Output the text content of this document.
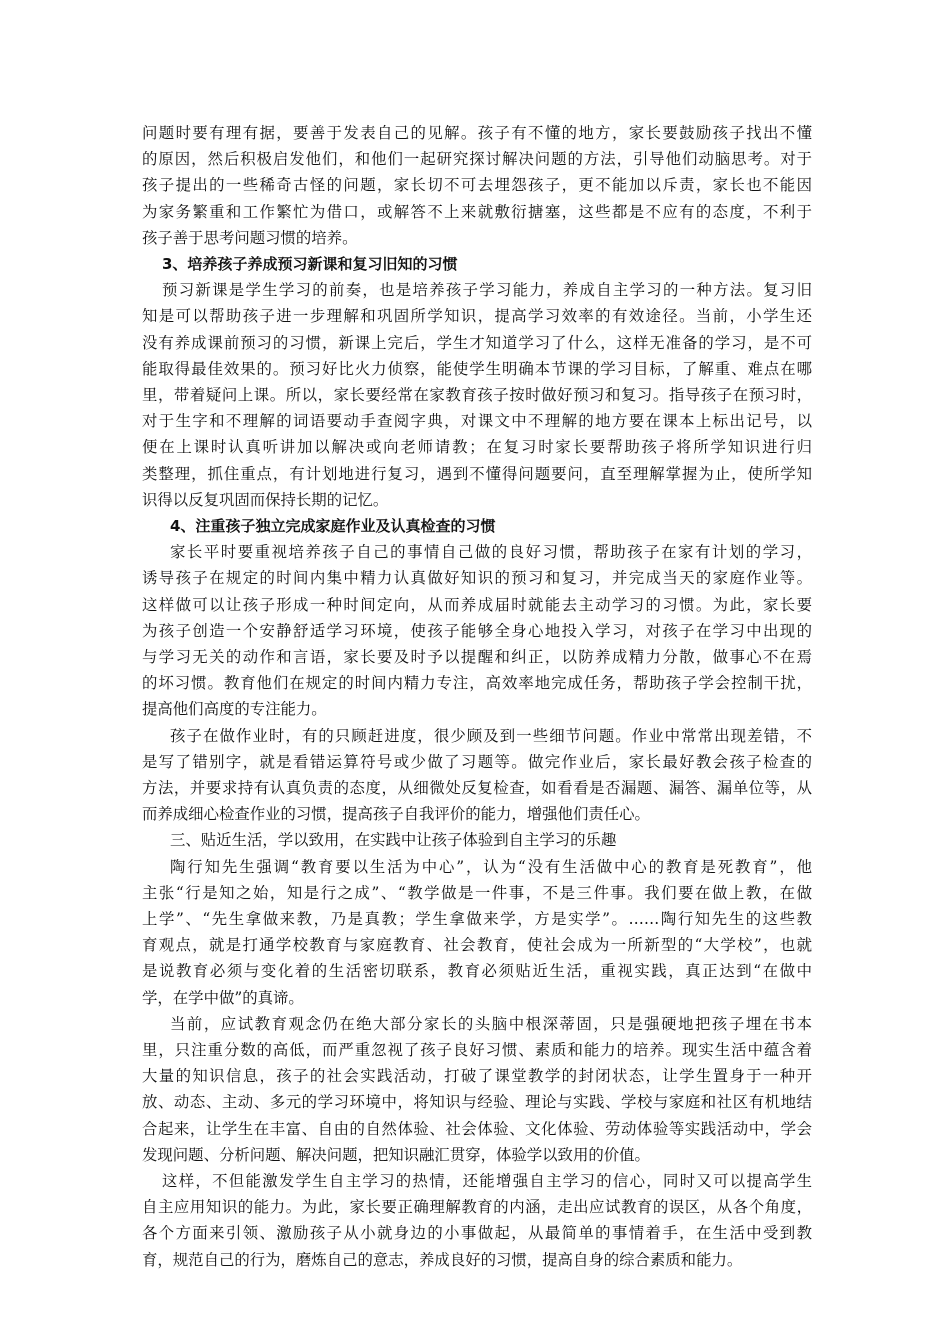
问题时要有理有据，要善于发表自己的见解。孩子有不懂的地方，家长要鼓励孩子找出不懂
的原因，然后积极启发他们，和他们一起研究探讨解决问题的方法，引导他们动脑思考。对于
孩子提出的一些稀奇古怪的问题，家长切不可去埋怨孩子，更不能加以斥责，家长也不能因
为家务繁重和工作繁忙为借口，或解答不上来就敷衍搪塞，这些都是不应有的态度，不利于
孩子善于思考问题习惯的培养。
3、培养孩子养成预习新课和复习旧知的习惯
预习新课是学生学习的前奏，也是培养孩子学习能力，养成自主学习的一种方法。复习旧
知是可以帮助孩子进一步理解和巩固所学知识，提高学习效率的有效途径。当前，小学生还
没有养成课前预习的习惯，新课上完后，学生才知道学习了什么，这样无准备的学习，是不可
能取得最佳效果的。预习好比火力侦察，能使学生明确本节课的学习目标，了解重、难点在哪
里，带着疑问上课。所以，家长要经常在家教育孩子按时做好预习和复习。指导孩子在预习时，
对于生字和不理解的词语要动手查阅字典，对课文中不理解的地方要在课本上标出记号，以
便在上课时认真听讲加以解决或向老师请教；在复习时家长要帮助孩子将所学知识进行归
类整理，抓住重点，有计划地进行复习，遇到不懂得问题要问，直至理解掌握为止，使所学知
识得以反复巩固而保持长期的记忆。
4、注重孩子独立完成家庭作业及认真检查的习惯
家长平时要重视培养孩子自己的事情自己做的良好习惯，帮助孩子在家有计划的学习，
诱导孩子在规定的时间内集中精力认真做好知识的预习和复习，并完成当天的家庭作业等。
这样做可以让孩子形成一种时间定向，从而养成届时就能去主动学习的习惯。为此，家长要
为孩子创造一个安静舒适学习环境，使孩子能够全身心地投入学习，对孩子在学习中出现的
与学习无关的动作和言语，家长要及时予以提醒和纠正，以防养成精力分散，做事心不在焉
的坏习惯。教育他们在规定的时间内精力专注，高效率地完成任务，帮助孩子学会控制干扰，
提高他们高度的专注能力。
孩子在做作业时，有的只顾赶进度，很少顾及到一些细节问题。作业中常常出现差错，不
是写了错别字，就是看错运算符号或少做了习题等。做完作业后，家长最好教会孩子检查的
方法，并要求持有认真负责的态度，从细微处反复检查，如看看是否漏题、漏答、漏单位等，从
而养成细心检查作业的习惯，提高孩子自我评价的能力，增强他们责任心。
三、贴近生活，学以致用，在实践中让孩子体验到自主学习的乐趣
陶行知先生强调“教育要以生活为中心”，认为“没有生活做中心的教育是死教育”，他
主张“行是知之始，知是行之成”、“教学做是一件事，不是三件事。我们要在做上教，在做
上学”、“先生拿做来教，乃是真教；学生拿做来学，方是实学”。……陶行知先生的这些教
育观点，就是打通学校教育与家庭教育、社会教育，使社会成为一所新型的“大学校”，也就
是说教育必须与变化着的生活密切联系，教育必须贴近生活，重视实践，真正达到“在做中
学，在学中做”的真谛。
当前，应试教育观念仍在绝大部分家长的头脑中根深蒂固，只是强硬地把孩子埋在书本
里，只注重分数的高低，而严重忽视了孩子良好习惯、素质和能力的培养。现实生活中蕴含着
大量的知识信息，孩子的社会实践活动，打破了课堂教学的封闭状态，让学生置身于一种开
放、动态、主动、多元的学习环境中，将知识与经验、理论与实践、学校与家庭和社区有机地结
合起来，让学生在丰富、自由的自然体验、社会体验、文化体验、劳动体验等实践活动中，学会
发现问题、分析问题、解决问题，把知识融汇贯穿，体验学以致用的价值。
这样，不但能激发学生自主学习的热情，还能增强自主学习的信心，同时又可以提高学生
自主应用知识的能力。为此，家长要正确理解教育的内涵，走出应试教育的误区，从各个角度，
各个方面来引领、激励孩子从小就身边的小事做起，从最简单的事情着手，在生活中受到教
育，规范自己的行为，磨炼自己的意志，养成良好的习惯，提高自身的综合素质和能力。
